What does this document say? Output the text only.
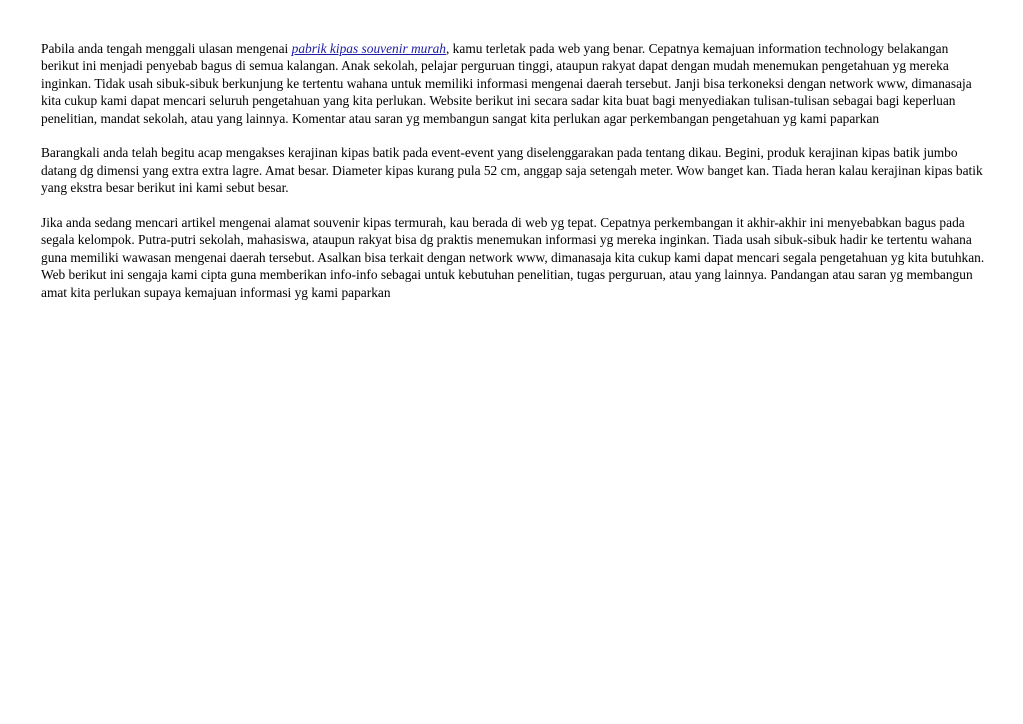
Pabila anda tengah menggali ulasan mengenai pabrik kipas souvenir murah, kamu terletak pada web yang benar. Cepatnya kemajuan information technology belakangan berikut ini menjadi penyebab bagus di semua kalangan. Anak sekolah, pelajar perguruan tinggi, ataupun rakyat dapat dengan mudah menemukan pengetahuan yg mereka inginkan. Tidak usah sibuk-sibuk berkunjung ke tertentu wahana untuk memiliki informasi mengenai daerah tersebut. Janji bisa terkoneksi dengan network www, dimanasaja kita cukup kami dapat mencari seluruh pengetahuan yang kita perlukan. Website berikut ini secara sadar kita buat bagi menyediakan tulisan-tulisan sebagai bagi keperluan penelitian, mandat sekolah, atau yang lainnya. Komentar atau saran yg membangun sangat kita perlukan agar perkembangan pengetahuan yg kami paparkan

Barangkali anda telah begitu acap mengakses kerajinan kipas batik pada event-event yang diselenggarakan pada tentang dikau. Begini, produk kerajinan kipas batik jumbo datang dg dimensi yang extra extra lagre. Amat besar. Diameter kipas kurang pula 52 cm, anggap saja setengah meter. Wow banget kan. Tiada heran kalau kerajinan kipas batik yang ekstra besar berikut ini kami sebut besar.

Jika anda sedang mencari artikel mengenai alamat souvenir kipas termurah, kau berada di web yg tepat. Cepatnya perkembangan it akhir-akhir ini menyebabkan bagus pada segala kelompok. Putra-putri sekolah, mahasiswa, ataupun rakyat bisa dg praktis menemukan informasi yg mereka inginkan. Tiada usah sibuk-sibuk hadir ke tertentu wahana guna memiliki wawasan mengenai daerah tersebut. Asalkan bisa terkait dengan network www, dimanasaja kita cukup kami dapat mencari segala pengetahuan yg kita butuhkan. Web berikut ini sengaja kami cipta guna memberikan info-info sebagai untuk kebutuhan penelitian, tugas perguruan, atau yang lainnya. Pandangan atau saran yg membangun amat kita perlukan supaya kemajuan informasi yg kami paparkan
